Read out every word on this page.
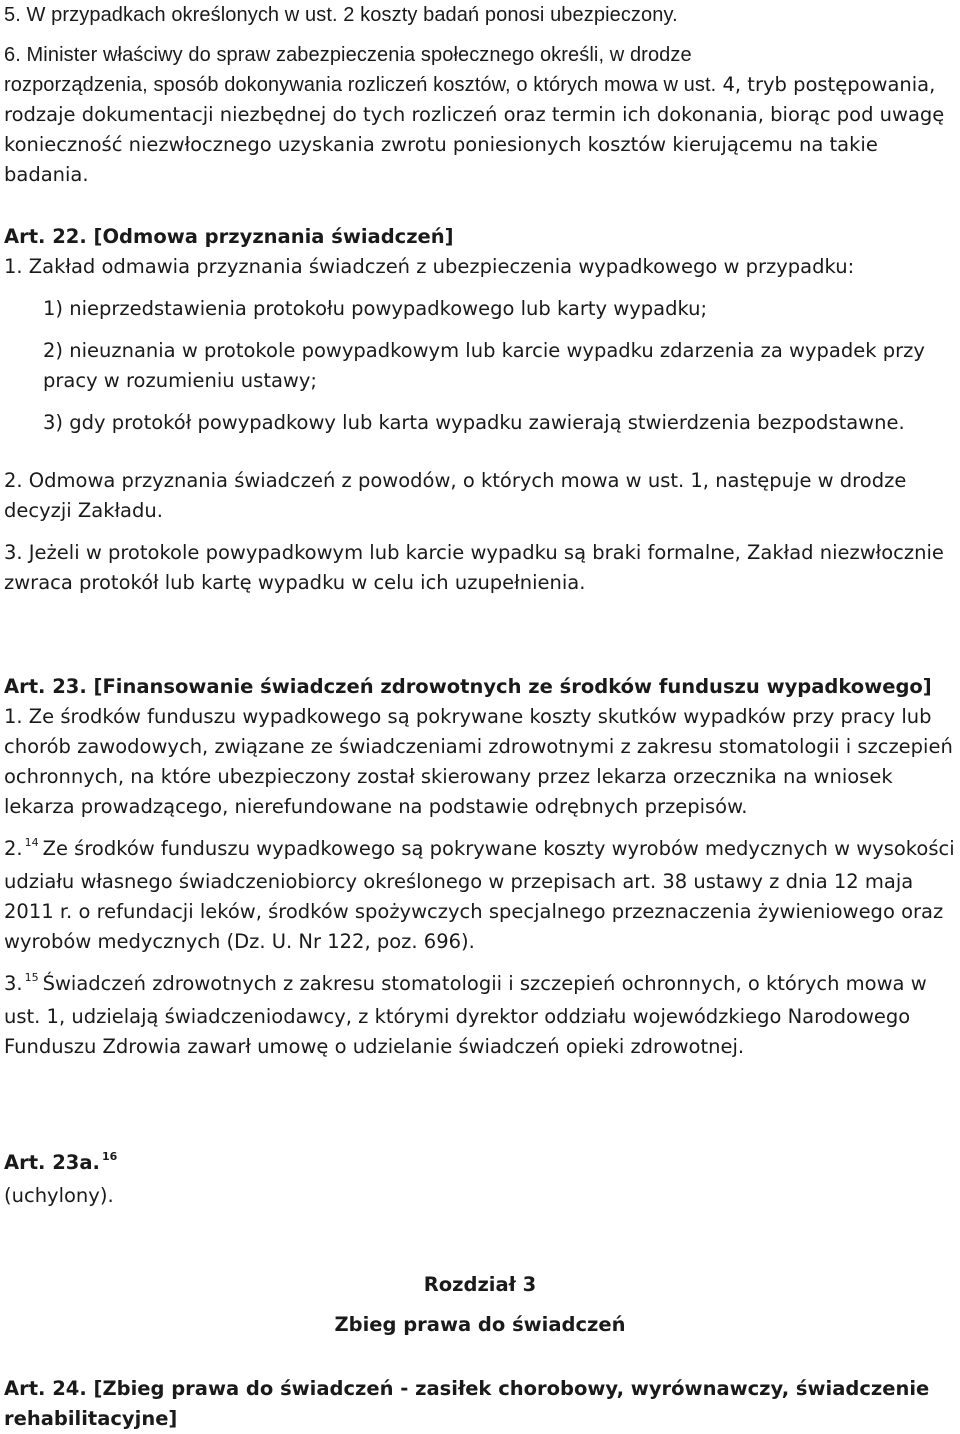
5. W przypadkach określonych w ust. 2 koszty badań ponosi ubezpieczony.

6. Minister właściwy do spraw zabezpieczenia społecznego określi, w drodze

rozporządzenia, sposób dokonywania rozliczeń kosztów, o których mowa w ust. 4, tryb postępowania, rodzaje dokumentacji niezbędnej do tych rozliczeń oraz termin ich dokonania, biorąc pod uwagę konieczność niezwłocznego uzyskania zwrotu poniesionych kosztów kierującemu na takie badania.

Art. 22. [Odmowa przyznania świadczeń]

1. Zakład odmawia przyznania świadczeń z ubezpieczenia wypadkowego w przypadku:

1) nieprzedstawienia protokołu powypadkowego lub karty wypadku;

2) nieuznania w protokole powypadkowym lub karcie wypadku zdarzenia za wypadek przy pracy w rozumieniu ustawy;

3) gdy protokół powypadkowy lub karta wypadku zawierają stwierdzenia bezpodstawne.

2. Odmowa przyznania świadczeń z powodów, o których mowa w ust. 1, następuje w drodze decyzji Zakładu.

3. Jeżeli w protokole powypadkowym lub karcie wypadku są braki formalne, Zakład niezwłocznie zwraca protokół lub kartę wypadku w celu ich uzupełnienia.

Art. 23. [Finansowanie świadczeń zdrowotnych ze środków funduszu wypadkowego]

1. Ze środków funduszu wypadkowego są pokrywane koszty skutków wypadków przy pracy lub chorób zawodowych, związane ze świadczeniami zdrowotnymi z zakresu stomatologii i szczepień ochronnych, na które ubezpieczony został skierowany przez lekarza orzecznika na wniosek lekarza prowadzącego, nierefundowane na podstawie odrębnych przepisów.

2. $^{14}$ Ze środków funduszu wypadkowego są pokrywane koszty wyrobów medycznych w wysokości udziału własnego świadczeniobiorcy określonego w przepisach art. 38 ustawy z dnia 12 maja 2011 r. o refundacji leków, środków spożywczych specjalnego przeznaczenia żywieniowego oraz wyrobów medycznych (Dz. U. Nr 122, poz. 696).

3. $^{15}$ Świadczeń zdrowotnych z zakresu stomatologii i szczepień ochronnych, o których mowa w ust. 1, udzielają świadczeniodawcy, z którymi dyrektor oddziału wojewódzkiego Narodowego Funduszu Zdrowia zawarł umowę o udzielanie świadczeń opieki zdrowotnej.

Art. 23a. $^{16}$

(uchylony).

Rozdział 3

Zbieg prawa do świadczeń

Art. 24. [Zbieg prawa do świadczeń - zasiłek chorobowy, wyrównawczy, świadczenie rehabilitacyjne]
